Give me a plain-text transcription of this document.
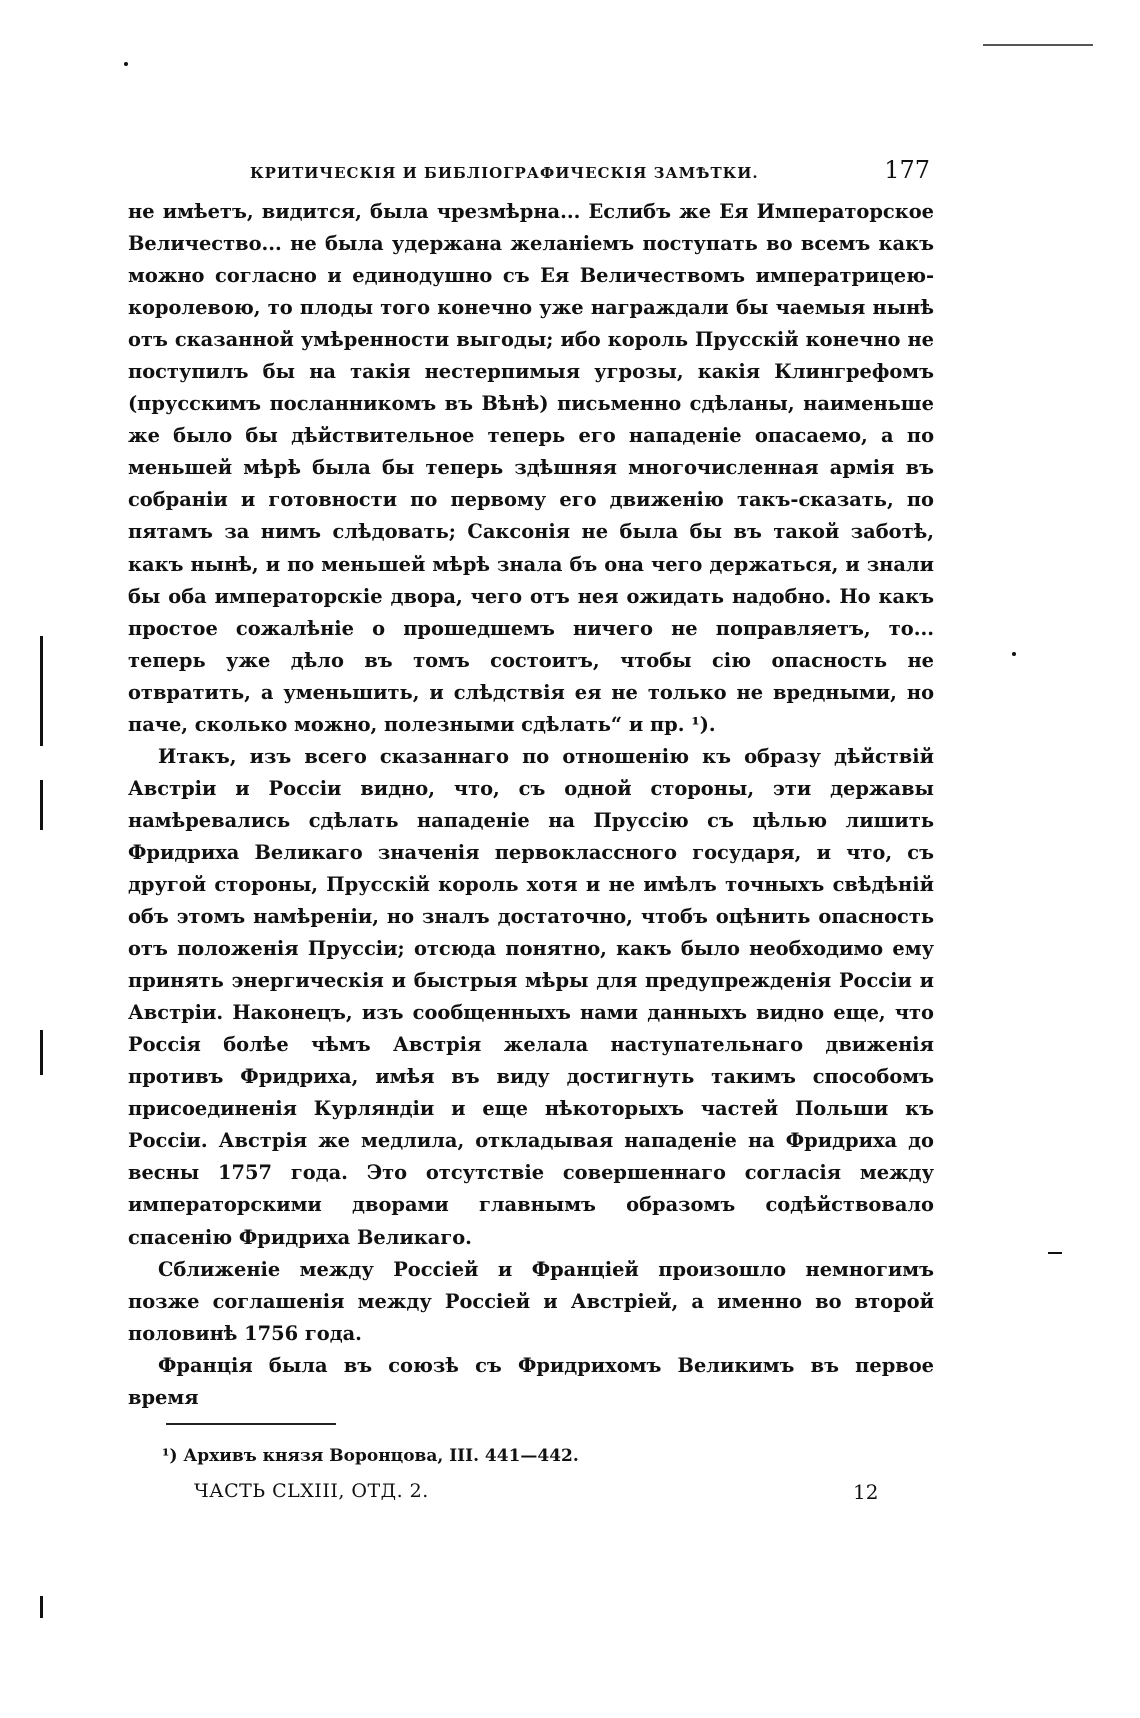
КРИТИЧЕСКІЯ И БИБЛІОГРАФИЧЕСКІЯ ЗАМѢТКИ.	177

не имѣетъ, видится, была чрезмѣрна... Еслибъ же Ея Императорское Величество... не была удержана желаніемъ поступать во всемъ какъ можно согласно и единодушно съ Ея Величествомъ императрицею-королевою, то плоды того конечно уже награждали бы чаемыя нынѣ отъ сказанной умѣренности выгоды; ибо король Прусскій конечно не поступилъ бы на такія нестерпимыя угрозы, какія Клингрефомъ (прусскимъ посланникомъ въ Вѣнѣ) письменно сдѣланы, наименьше же было бы дѣйствительное теперь его нападеніе опасаемо, а по меньшей мѣрѣ была бы теперь здѣшняя многочисленная армія въ собраніи и готовности по первому его движенію такъ-сказать, по пятамъ за нимъ слѣдовать; Саксонія не была бы въ такой заботѣ, какъ нынѣ, и по меньшей мѣрѣ знала бъ она чего держаться, и знали бы оба императорскіе двора, чего отъ нея ожидать надобно. Но какъ простое сожалѣніе о прошедшемъ ничего не поправляетъ, то... теперь уже дѣло въ томъ состоитъ, чтобы сію опасность не отвратить, а уменьшить, и слѣдствія ея не только не вредными, но паче, сколько можно, полезными сдѣлать“ и пр. ¹).

Итакъ, изъ всего сказаннаго по отношенію къ образу дѣйствій Австріи и Россіи видно, что, съ одной стороны, эти державы намѣревались сдѣлать нападеніе на Пруссію съ цѣлью лишить Фридриха Великаго значенія первоклассного государя, и что, съ другой стороны, Прусскій король хотя и не имѣлъ точныхъ свѣдѣній объ этомъ намѣреніи, но зналъ достаточно, чтобъ оцѣнить опасность отъ положенія Пруссіи; отсюда понятно, какъ было необходимо ему принять энергическія и быстрыя мѣры для предупрежденія Россіи и Австріи. Наконецъ, изъ сообщенныхъ нами данныхъ видно еще, что Россія болѣе чѣмъ Австрія желала наступательнаго движенія противъ Фридриха, имѣя въ виду достигнуть такимъ способомъ присоединенія Курляндіи и еще нѣкоторыхъ частей Польши къ Россіи. Австрія же медлила, откладывая нападеніе на Фридриха до весны 1757 года. Это отсутствіе совершеннаго согласія между императорскими дворами главнымъ образомъ содѣйствовало спасенію Фридриха Великаго.

Сближеніе между Россіей и Франціей произошло немногимъ позже соглашенія между Россіей и Австріей, а именно во второй половинѣ 1756 года.

Франція была въ союзѣ съ Фридрихомъ Великимъ въ первое время

¹) Архивъ князя Воронцова, III. 441—442.
ЧАСТЬ CLXIII, ОТД. 2.	12
